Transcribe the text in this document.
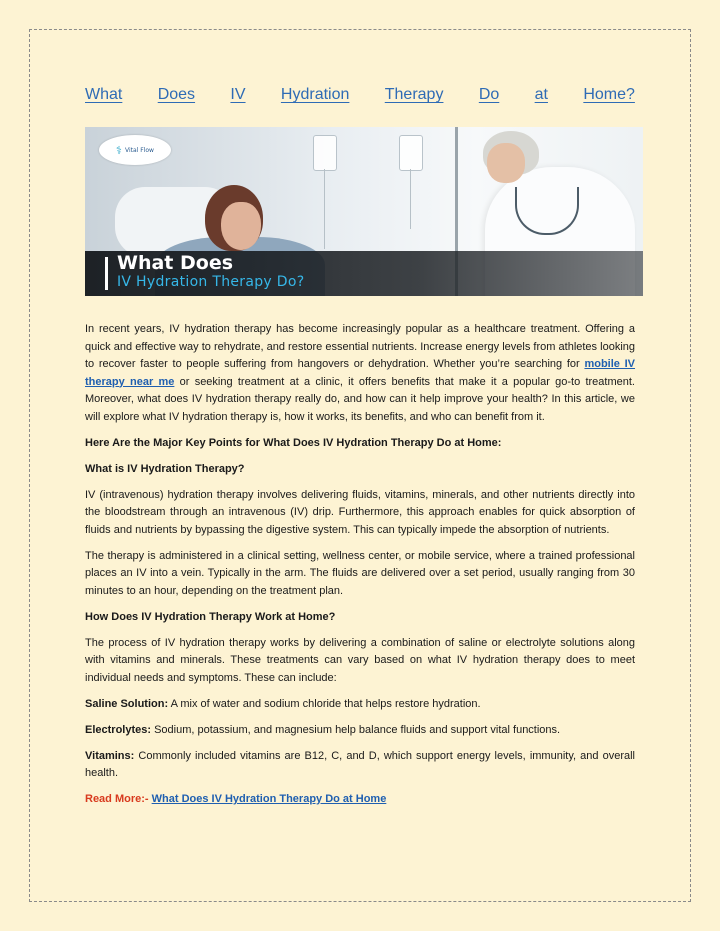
What Does IV Hydration Therapy Do at Home?
⚕ Vital Flow
What Does
IV Hydration Therapy Do?

In recent years, IV hydration therapy has become increasingly popular as a healthcare treatment. Offering a quick and effective way to rehydrate, and restore essential nutrients. Increase energy levels from athletes looking to recover faster to people suffering from hangovers or dehydration. Whether you’re searching for mobile IV therapy near me or seeking treatment at a clinic, it offers benefits that make it a popular go-to treatment. Moreover, what does IV hydration therapy really do, and how can it help improve your health? In this article, we will explore what IV hydration therapy is, how it works, its benefits, and who can benefit from it.

Here Are the Major Key Points for What Does IV Hydration Therapy Do at Home:

What is IV Hydration Therapy?

IV (intravenous) hydration therapy involves delivering fluids, vitamins, minerals, and other nutrients directly into the bloodstream through an intravenous (IV) drip. Furthermore, this approach enables for quick absorption of fluids and nutrients by bypassing the digestive system. This can typically impede the absorption of nutrients.

The therapy is administered in a clinical setting, wellness center, or mobile service, where a trained professional places an IV into a vein. Typically in the arm. The fluids are delivered over a set period, usually ranging from 30 minutes to an hour, depending on the treatment plan.

How Does IV Hydration Therapy Work at Home?

The process of IV hydration therapy works by delivering a combination of saline or electrolyte solutions along with vitamins and minerals. These treatments can vary based on what IV hydration therapy does to meet individual needs and symptoms. These can include:

Saline Solution: A mix of water and sodium chloride that helps restore hydration.

Electrolytes: Sodium, potassium, and magnesium help balance fluids and support vital functions.

Vitamins: Commonly included vitamins are B12, C, and D, which support energy levels, immunity, and overall health.

Read More:- What Does IV Hydration Therapy Do at Home
